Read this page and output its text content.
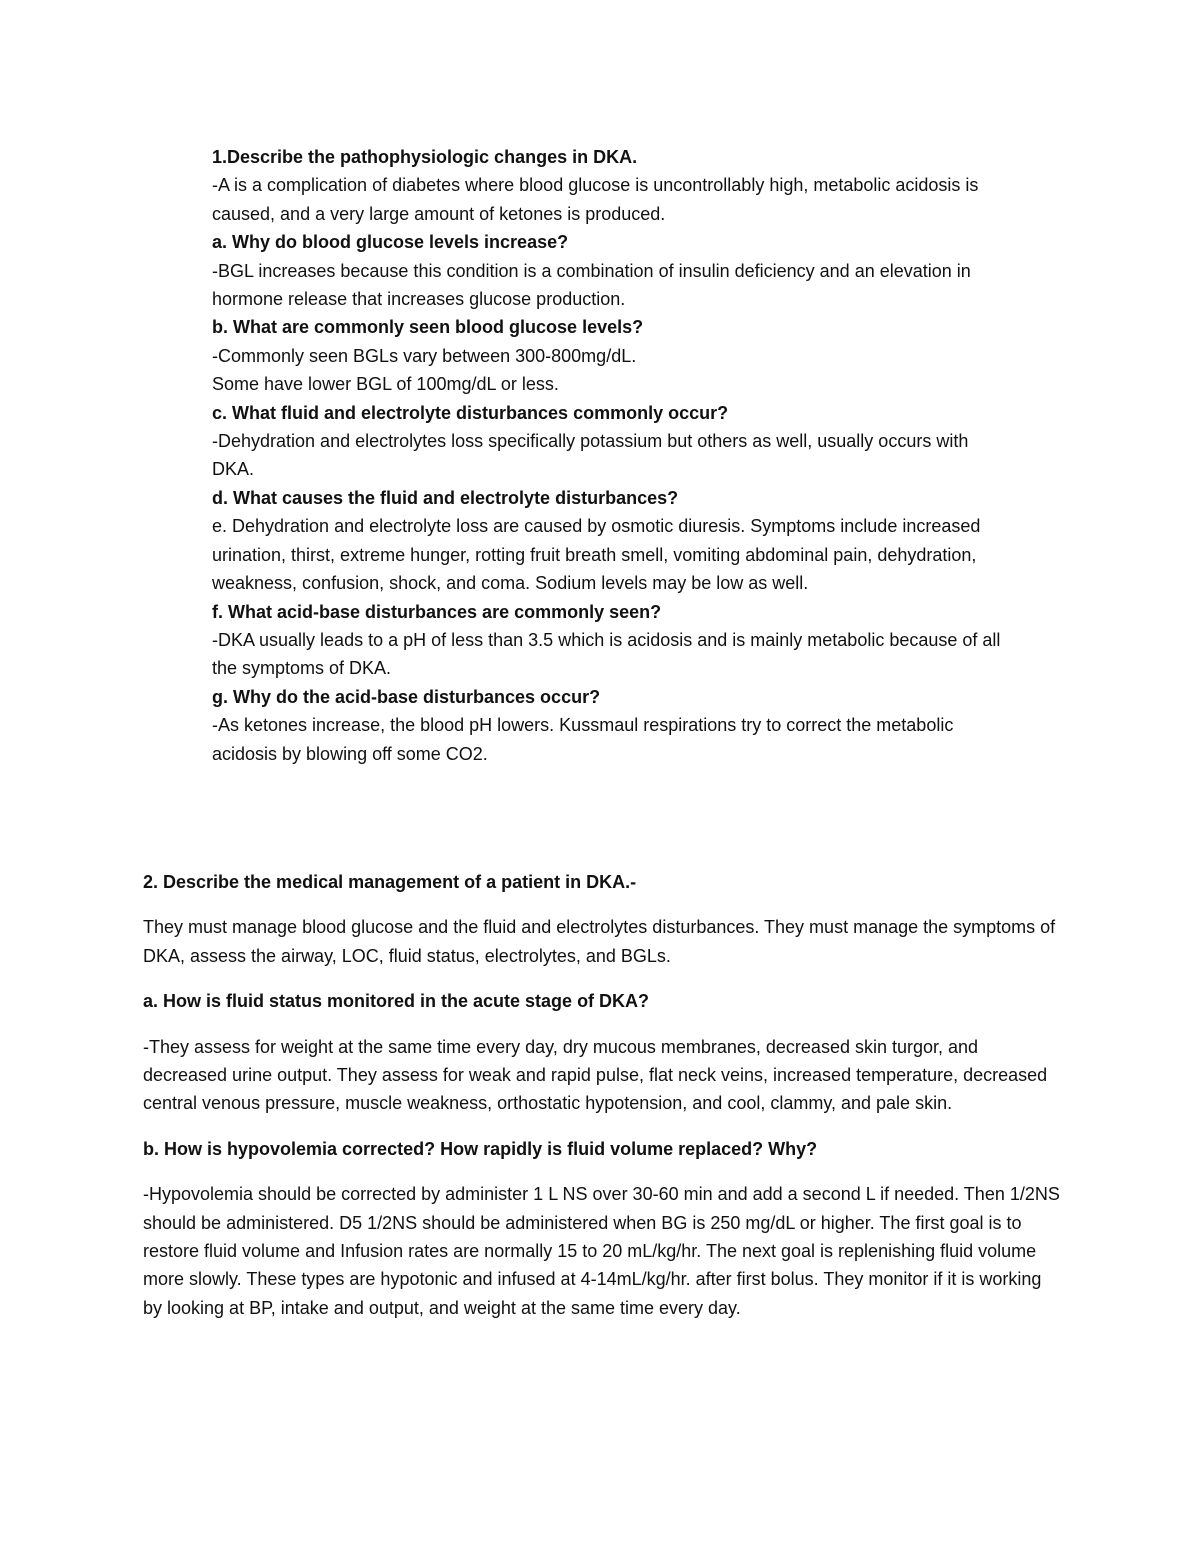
1.Describe the pathophysiologic changes in DKA.

-A is a complication of diabetes where blood glucose is uncontrollably high, metabolic acidosis is caused, and a very large amount of ketones is produced.

a. Why do blood glucose levels increase?

-BGL increases because this condition is a combination of insulin deficiency and an elevation in hormone release that increases glucose production.

b. What are commonly seen blood glucose levels?

-Commonly seen BGLs vary between 300-800mg/dL.

Some have lower BGL of 100mg/dL or less.

c. What fluid and electrolyte disturbances commonly occur?

-Dehydration and electrolytes loss specifically potassium but others as well, usually occurs with DKA.

d. What causes the fluid and electrolyte disturbances?

e. Dehydration and electrolyte loss are caused by osmotic diuresis. Symptoms include increased urination, thirst, extreme hunger, rotting fruit breath smell, vomiting abdominal pain, dehydration, weakness, confusion, shock, and coma. Sodium levels may be low as well.

f. What acid-base disturbances are commonly seen?

-DKA usually leads to a pH of less than 3.5 which is acidosis and is mainly metabolic because of all the symptoms of DKA.

g. Why do the acid-base disturbances occur?

-As ketones increase, the blood pH lowers. Kussmaul respirations try to correct the metabolic acidosis by blowing off some CO2.

2. Describe the medical management of a patient in DKA.-

They must manage blood glucose and the fluid and electrolytes disturbances. They must manage the symptoms of DKA, assess the airway, LOC, fluid status, electrolytes, and BGLs.

a. How is fluid status monitored in the acute stage of DKA?

-They assess for weight at the same time every day, dry mucous membranes, decreased skin turgor, and decreased urine output. They assess for weak and rapid pulse, flat neck veins, increased temperature, decreased central venous pressure, muscle weakness, orthostatic hypotension, and cool, clammy, and pale skin.

b. How is hypovolemia corrected? How rapidly is fluid volume replaced? Why?

-Hypovolemia should be corrected by administer 1 L NS over 30-60 min and add a second L if needed. Then 1/2NS should be administered. D5 1/2NS should be administered when BG is 250 mg/dL or higher. The first goal is to restore fluid volume and Infusion rates are normally 15 to 20 mL/kg/hr. The next goal is replenishing fluid volume more slowly. These types are hypotonic and infused at 4-14mL/kg/hr. after first bolus. They monitor if it is working by looking at BP, intake and output, and weight at the same time every day.
